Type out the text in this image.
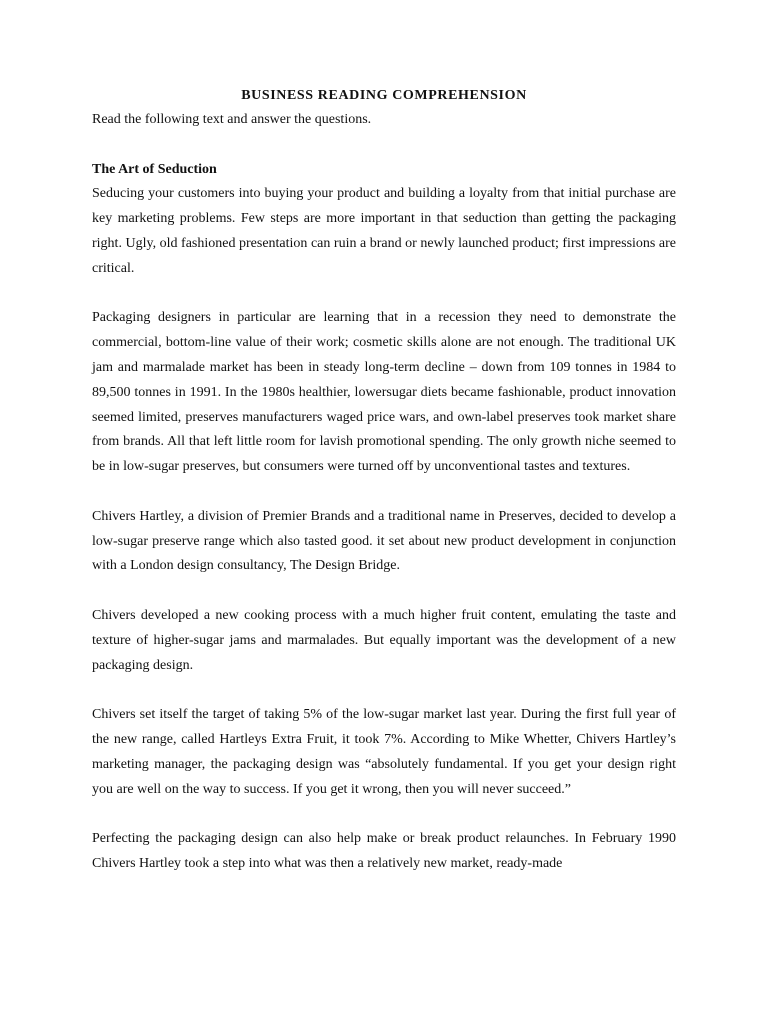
BUSINESS READING COMPREHENSION

Read the following text and answer the questions.

The Art of Seduction

Seducing your customers into buying your product and building a loyalty from that initial purchase are key marketing problems. Few steps are more important in that seduction than getting the packaging right. Ugly, old fashioned presentation can ruin a brand or newly launched product; first impressions are critical.

Packaging designers in particular are learning that in a recession they need to demonstrate the commercial, bottom-line value of their work; cosmetic skills alone are not enough. The traditional UK jam and marmalade market has been in steady long-term decline – down from 109 tonnes in 1984 to 89,500 tonnes in 1991. In the 1980s healthier, lowersugar diets became fashionable, product innovation seemed limited, preserves manufacturers waged price wars, and own-label preserves took market share from brands. All that left little room for lavish promotional spending. The only growth niche seemed to be in low-sugar preserves, but consumers were turned off by unconventional tastes and textures.

Chivers Hartley, a division of Premier Brands and a traditional name in Preserves, decided to develop a low-sugar preserve range which also tasted good. it set about new product development in conjunction with a London design consultancy, The Design Bridge.

Chivers developed a new cooking process with a much higher fruit content, emulating the taste and texture of higher-sugar jams and marmalades. But equally important was the development of a new packaging design.

Chivers set itself the target of taking 5% of the low-sugar market last year. During the first full year of the new range, called Hartleys Extra Fruit, it took 7%. According to Mike Whetter, Chivers Hartley’s marketing manager, the packaging design was “absolutely fundamental. If you get your design right you are well on the way to success. If you get it wrong, then you will never succeed.”

Perfecting the packaging design can also help make or break product relaunches. In February 1990 Chivers Hartley took a step into what was then a relatively new market, ready-made
